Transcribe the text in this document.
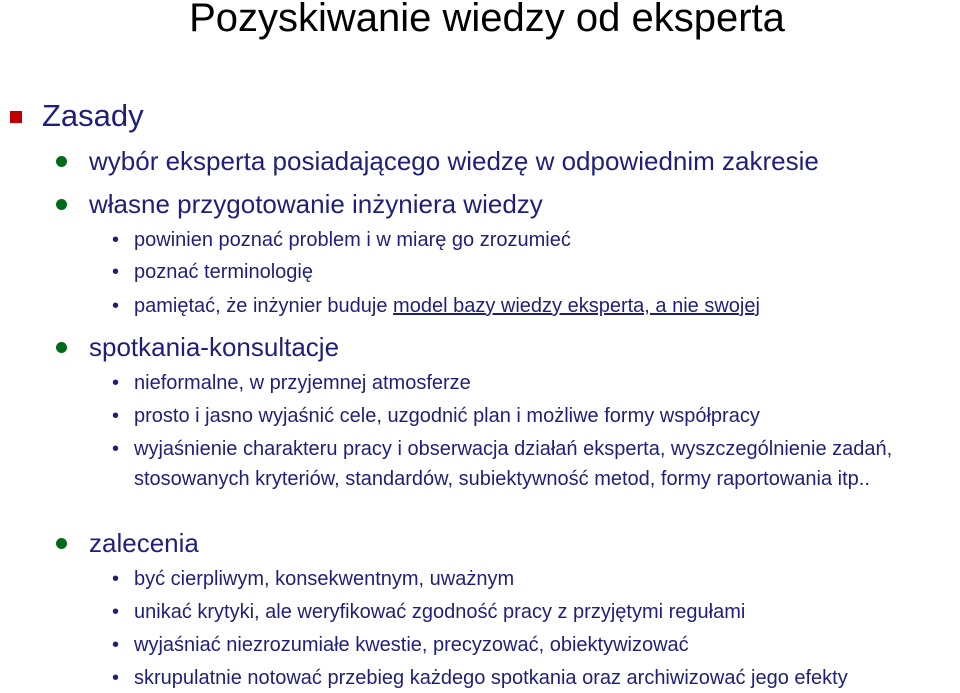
Pozyskiwanie wiedzy od eksperta
Zasady
wybór eksperta posiadającego wiedzę w odpowiednim zakresie
własne przygotowanie inżyniera wiedzy
• powinien poznać problem i w miarę go zrozumieć
• poznać terminologię
• pamiętać, że inżynier buduje model bazy wiedzy eksperta, a nie swojej
spotkania-konsultacje
• nieformalne, w przyjemnej atmosferze
• prosto i jasno wyjaśnić cele, uzgodnić plan i możliwe formy współpracy
• wyjaśnienie charakteru pracy i obserwacja działań eksperta, wyszczególnienie zadań, stosowanych kryteriów, standardów, subiektywność metod, formy raportowania itp..
zalecenia
• być cierpliwym, konsekwentnym, uważnym
• unikać krytyki, ale weryfikować zgodność pracy z przyjętymi regułami
• wyjaśniać niezrozumiałe kwestie, precyzować, obiektywizować
• skrupulatnie notować przebieg każdego spotkania oraz archiwizować jego efekty
